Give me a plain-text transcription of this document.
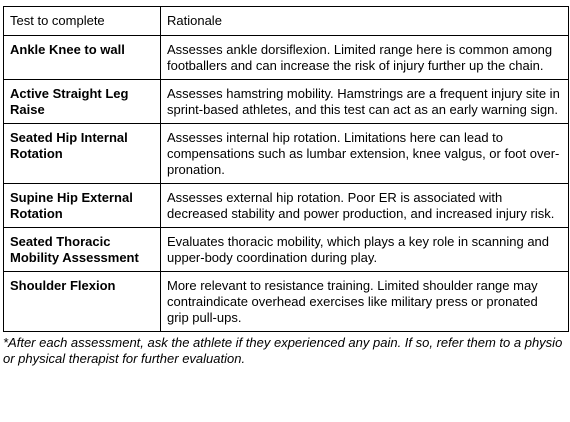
Test to complete	Rationale
Ankle Knee to wall	Assesses ankle dorsiflexion. Limited range here is common among footballers and can increase the risk of injury further up the chain.
Active Straight Leg Raise	Assesses hamstring mobility. Hamstrings are a frequent injury site in sprint-based athletes, and this test can act as an early warning sign.
Seated Hip Internal Rotation	Assesses internal hip rotation. Limitations here can lead to compensations such as lumbar extension, knee valgus, or foot over-pronation.
Supine Hip External Rotation	Assesses external hip rotation. Poor ER is associated with decreased stability and power production, and increased injury risk.
Seated Thoracic Mobility Assessment	Evaluates thoracic mobility, which plays a key role in scanning and upper-body coordination during play.
Shoulder Flexion	More relevant to resistance training. Limited shoulder range may contraindicate overhead exercises like military press or pronated grip pull-ups.
*After each assessment, ask the athlete if they experienced any pain. If so, refer them to a physio or physical therapist for further evaluation.
